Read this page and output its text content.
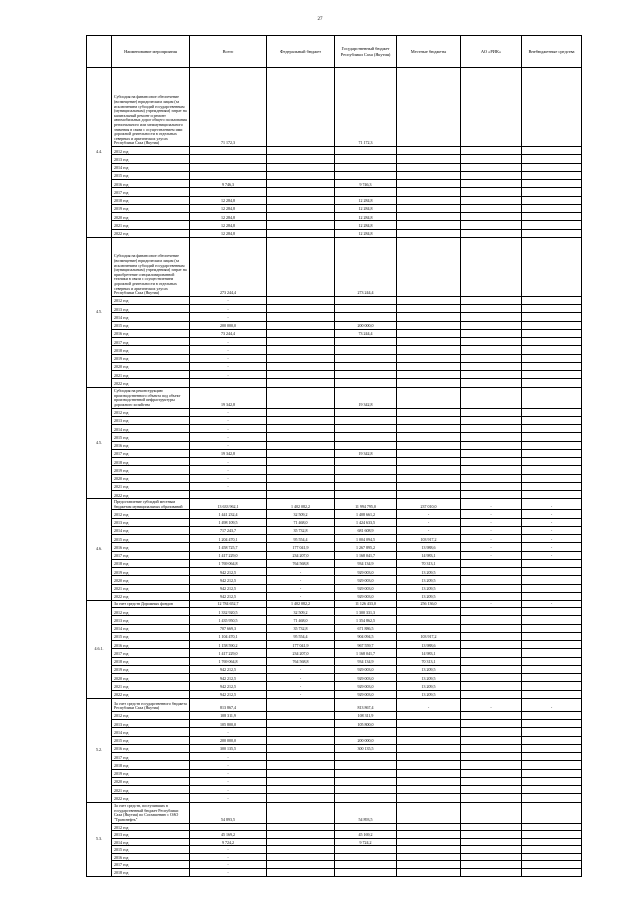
27
	Наименование мероприятия	Всего	Федеральный бюджет	Государственный бюджет Республики Саха (Якутия)	Местные бюджеты	АО «РИК»	Внебюджетные средства
4.4.	Субсидия на финансовое обеспечение (возмещение) юридическим лицам (за исключением субсидий государственным (муниципальным) учреждениям) затрат на капитальный ремонт и ремонт автомобильных дорог общего пользования регионального или межмуниципального значения в связи с осуществлением ими дорожной деятельности в отдельных северных и арктических улусах Республики Саха (Якутия)	71 172,3		71 172,3			
	2012 год						
	2013 год						
	2014 год						
	2015 год						
	2016 год	9 746,3		9 746,3			
	2017 год						
	2018 год	12 284,8		12 284,8			
	2019 год	12 284,8		12 284,8			
	2020 год	12 284,8		12 284,8			
	2021 год	12 284,8		12 284,8			
	2022 год	12 284,8		12 284,8			
4.5.	Субсидия на финансовое обеспечение (возмещение) юридическим лицам (за исключением субсидий государственным (муниципальным) учреждениям) затрат на приобретение специализированной техники в связи с осуществлением дорожной деятельности в отдельных северных и арктических улусах Республики Саха (Якутия)	273 244,4		273 244,4			
	2012 год	-					
	2013 год	-					
	2014 год	-					
	2015 год	200 000,0		200 000,0			
	2016 год	73 244,4		73 244,4			
	2017 год	-					
	2018 год	-					
	2019 год	-					
	2020 год	-					
	2021 год	-					
	2022 год						
4.5.	Субсидия на реконструкцию производственного объекта под объект производственной инфраструктуры дорожного хозяйства	19 342,8		19 342,8			
	2012 год	-					
	2013 год	-					
	2014 год	-					
	2015 год	-					
	2016 год	-					
	2017 год	19 342,8		19 342,8			
	2018 год	-					
	2019 год	-					
	2020 год	-					
	2021 год	-					
	2022 год						
4.6.	Предоставление субсидий местным бюджетам муниципальных образований	13 633 962,1	1 402 082,2	11 994 795,0	237 010,0	-	-
	2012 год	1 441 232,4	32 509,2	1 408 661,2	-	-	-
	2013 год	1 498 109,5	71 468,0	1 424 633,5	-	-	-
	2014 год	717 243,7	35 732,8	681 608,9	-	-	-
	2015 год	1 204 470,1	95 554,4	1 004 094,5	103 917,2	-	-
	2016 год	1 458 725,7	177 041,9	1 267 895,2	13 988,6	-	-
	2017 год	1 417 229,0	234 207,0	1 168 041,7	14 983,1	-	-
	2018 год	1 769 064,8	764 568,8	934 134,9	70 313,1		
	2019 год	942 212,5	-	929 003,0	13 209,5		
	2020 год	942 212,5	-	929 003,0	13 209,5		
	2021 год	942 212,5	-	929 003,0	13 209,5		
	2022 год	942 212,5	-	929 003,0	13 209,5		
4.6.1.	За счет средств Дорожных фондов	12 784 652,7	1 402 082,2	11 126 433,0	256 136,0	-	-
	2012 год	1 332 920,5	32 509,2	1 300 331,3			
	2013 год	1 435 950,5	71 468,0	1 354 862,5			
	2014 год	707 669,3	35 732,8	671 886,5			
	2015 год	1 104 470,1	95 554,4	904 094,5	103 917,2		
	2016 год	1 158 590,2	177 041,9	967 559,7	13 988,6		
	2017 год	1 417 229,0	234 207,0	1 168 041,7	14 983,1		
	2018 год	1 769 064,8	764 568,8	934 134,9	70 313,1		
	2019 год	942 212,5	-	929 003,0	13 209,5		
	2020 год	942 212,5	-	929 003,0	13 209,5		
	2021 год	942 212,5	-	929 003,0	13 209,5		
	2022 год	942 212,5	-	929 003,0	13 209,5		
5.2.	За счет средств государственного бюджета Республики Саха (Якутия)	813 867,4		813 867,4	-	-	-
	2012 год	108 311,9		108 311,9			
	2013 год	105 800,0		105 800,0			
	2014 год	-					
	2015 год	200 000,0		200 000,0			
	2016 год	300 135,5		300 135,5			
	2017 год	-					
	2018 год	-					
	2019 год	-					
	2020 год	-					
	2021 год	-					
	2022 год	-					
5.3.	За счет средств, поступивших в государственный бюджет Республики Саха (Якутия) по Соглашению с ОАО "Транснефть"	54 893,5		54 893,5			
	2012 год						
	2013 год	45 169,2		45 169,2			
	2014 год	9 724,2		9 724,2			
	2015 год	-					
	2016 год	-					
	2017 год	-					
	2018 год	-					
